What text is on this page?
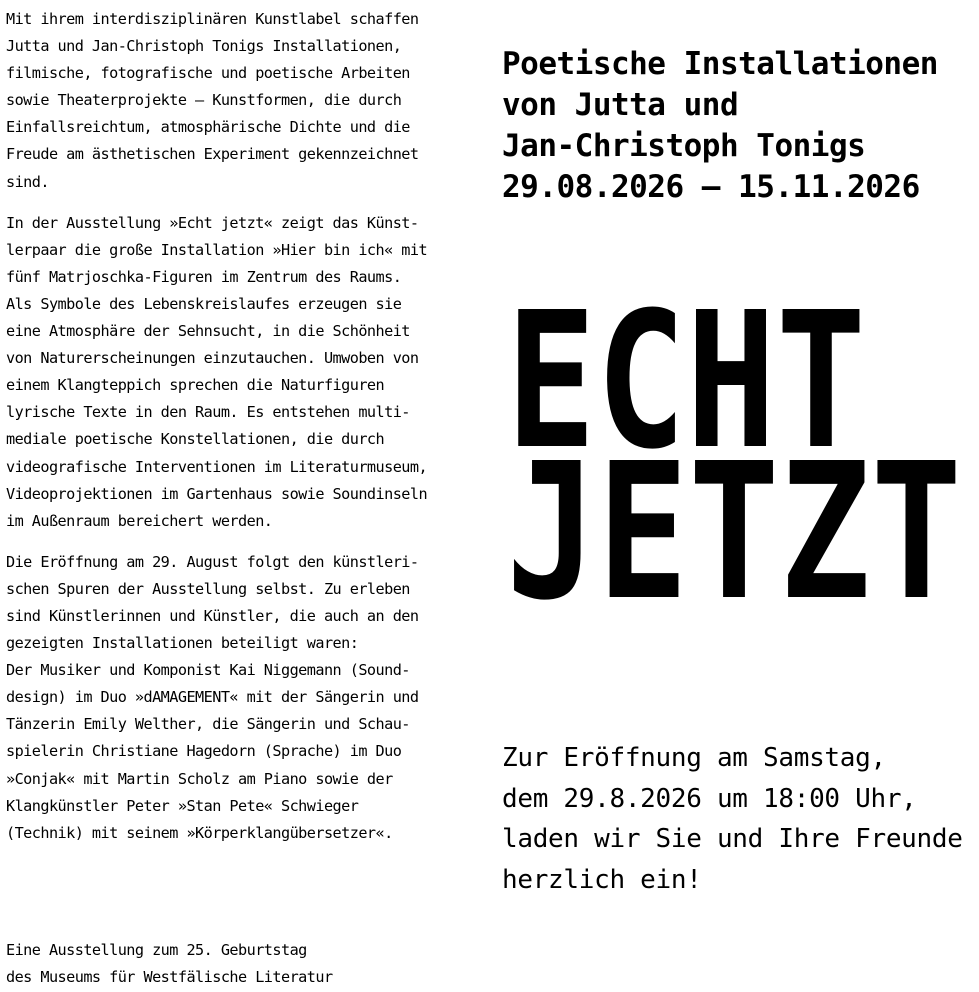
Mit ihrem interdisziplinären Kunstlabel schaffen
Jutta und Jan-Christoph Tonigs Installationen,
filmische, fotografische und poetische Arbeiten
sowie Theaterprojekte – Kunstformen, die durch
Einfallsreichtum, atmosphärische Dichte und die
Freude am ästhetischen Experiment gekennzeichnet
sind.

In der Ausstellung »Echt jetzt« zeigt das Künst-
lerpaar die große Installation »Hier bin ich« mit
fünf Matrjoschka-Figuren im Zentrum des Raums.
Als Symbole des Lebenskreislaufes erzeugen sie
eine Atmosphäre der Sehnsucht, in die Schönheit
von Naturerscheinungen einzutauchen. Umwoben von
einem Klangteppich sprechen die Naturfiguren
lyrische Texte in den Raum. Es entstehen multi-
mediale poetische Konstellationen, die durch
videografische Interventionen im Literaturmuseum,
Videoprojektionen im Gartenhaus sowie Soundinseln
im Außenraum bereichert werden.

Die Eröffnung am 29. August folgt den künstleri-
schen Spuren der Ausstellung selbst. Zu erleben
sind Künstlerinnen und Künstler, die auch an den
gezeigten Installationen beteiligt waren:
Der Musiker und Komponist Kai Niggemann (Sound-
design) im Duo »dAMAGEMENT« mit der Sängerin und
Tänzerin Emily Welther, die Sängerin und Schau-
spielerin Christiane Hagedorn (Sprache) im Duo
»Conjak« mit Martin Scholz am Piano sowie der
Klangkünstler Peter »Stan Pete« Schwieger
(Technik) mit seinem »Körperklangübersetzer«.

Eine Ausstellung zum 25. Geburtstag
des Museums für Westfälische Literatur

Poetische Installationen
von Jutta und
Jan-Christoph Tonigs
29.08.2026 – 15.11.2026
ECHT
JETZT

Zur Eröffnung am Samstag,
dem 29.8.2026 um 18:00 Uhr,
laden wir Sie und Ihre Freunde
herzlich ein!
